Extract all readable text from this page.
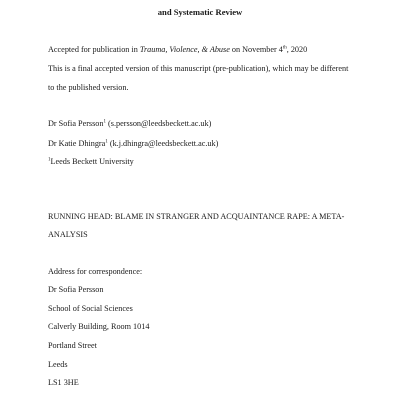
and Systematic Review
Accepted for publication in Trauma, Violence, & Abuse on November 4th, 2020
This is a final accepted version of this manuscript (pre-publication), which may be different
to the published version.
Dr Sofia Persson$^1$ (s.persson@leedsbeckett.ac.uk)
Dr Katie Dhingra$^1$ (k.j.dhingra@leedsbeckett.ac.uk)
$^1$Leeds Beckett University
RUNNING HEAD: BLAME IN STRANGER AND ACQUAINTANCE RAPE: A META-
ANALYSIS
Address for correspondence:
Dr Sofia Persson
School of Social Sciences
Calverly Building, Room 1014
Portland Street
Leeds
LS1 3HE
